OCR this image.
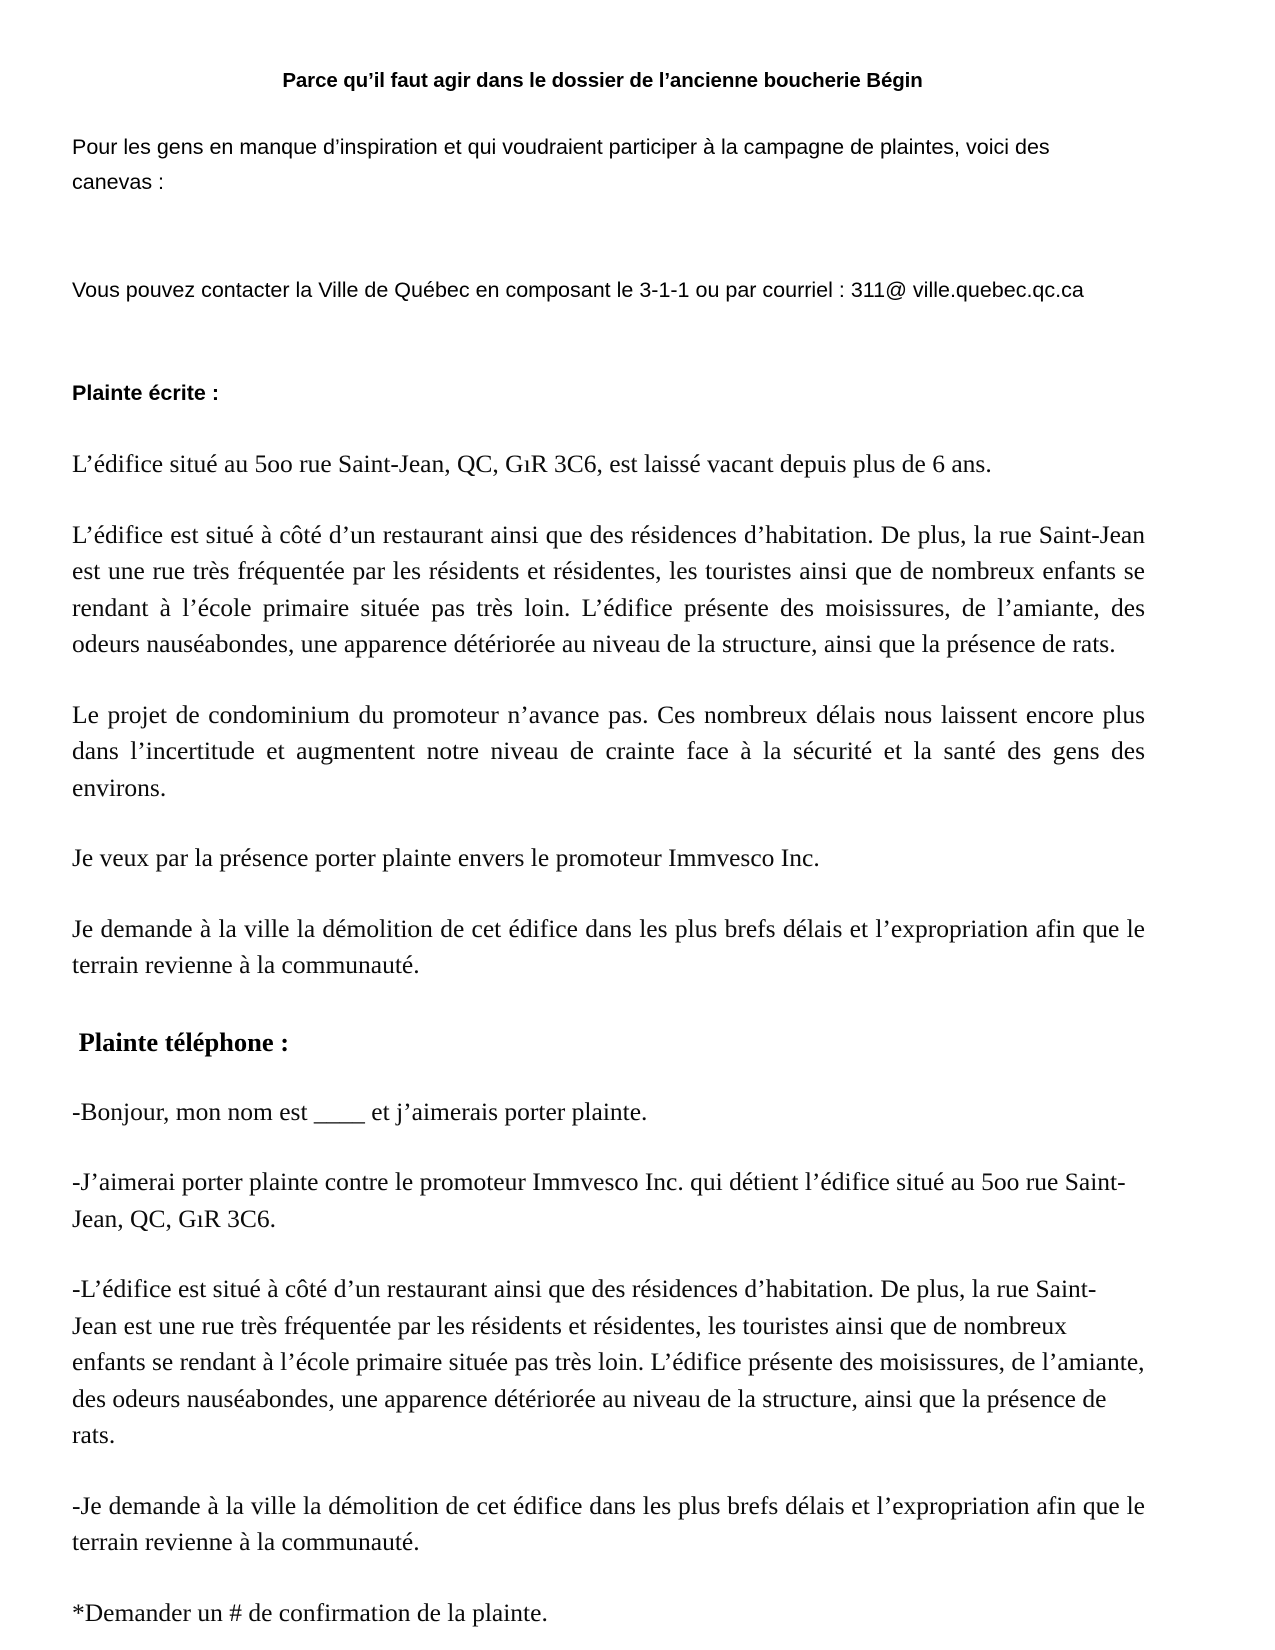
Parce qu’il faut agir dans le dossier de l’ancienne boucherie Bégin

Pour les gens en manque d’inspiration et qui voudraient participer à la campagne de plaintes, voici des canevas :

Vous pouvez contacter la Ville de Québec en composant le 3-1-1 ou par courriel : 311@ ville.quebec.qc.ca

Plainte écrite :

L’édifice situé au 5oo rue Saint-Jean, QC, GıR 3C6, est laissé vacant depuis plus de 6 ans.

L’édifice est situé à côté d’un restaurant ainsi que des résidences d’habitation. De plus, la rue Saint-Jean est une rue très fréquentée par les résidents et résidentes, les touristes ainsi que de nombreux enfants se rendant à l’école primaire située pas très loin. L’édifice présente des moisissures, de l’amiante, des odeurs nauséabondes, une apparence détériorée au niveau de la structure, ainsi que la présence de rats.

Le projet de condominium du promoteur n’avance pas. Ces nombreux délais nous laissent encore plus dans l’incertitude et augmentent notre niveau de crainte face à la sécurité et la santé des gens des environs.

Je veux par la présence porter plainte envers le promoteur Immvesco Inc.

Je demande à la ville la démolition de cet édifice dans les plus brefs délais et l’expropriation afin que le terrain revienne à la communauté.

Plainte téléphone :

-Bonjour, mon nom est ____ et j’aimerais porter plainte.

-J’aimerai porter plainte contre le promoteur Immvesco Inc. qui détient l’édifice situé au 5oo rue Saint-Jean, QC, GıR 3C6.

-L’édifice est situé à côté d’un restaurant ainsi que des résidences d’habitation. De plus, la rue Saint- Jean est une rue très fréquentée par les résidents et résidentes, les touristes ainsi que de nombreux enfants se rendant à l’école primaire située pas très loin. L’édifice présente des moisissures, de l’amiante, des odeurs nauséabondes, une apparence détériorée au niveau de la structure, ainsi que la présence de rats.

-Je demande à la ville la démolition de cet édifice dans les plus brefs délais et l’expropriation afin que le terrain revienne à la communauté.

*Demander un # de confirmation de la plainte.
